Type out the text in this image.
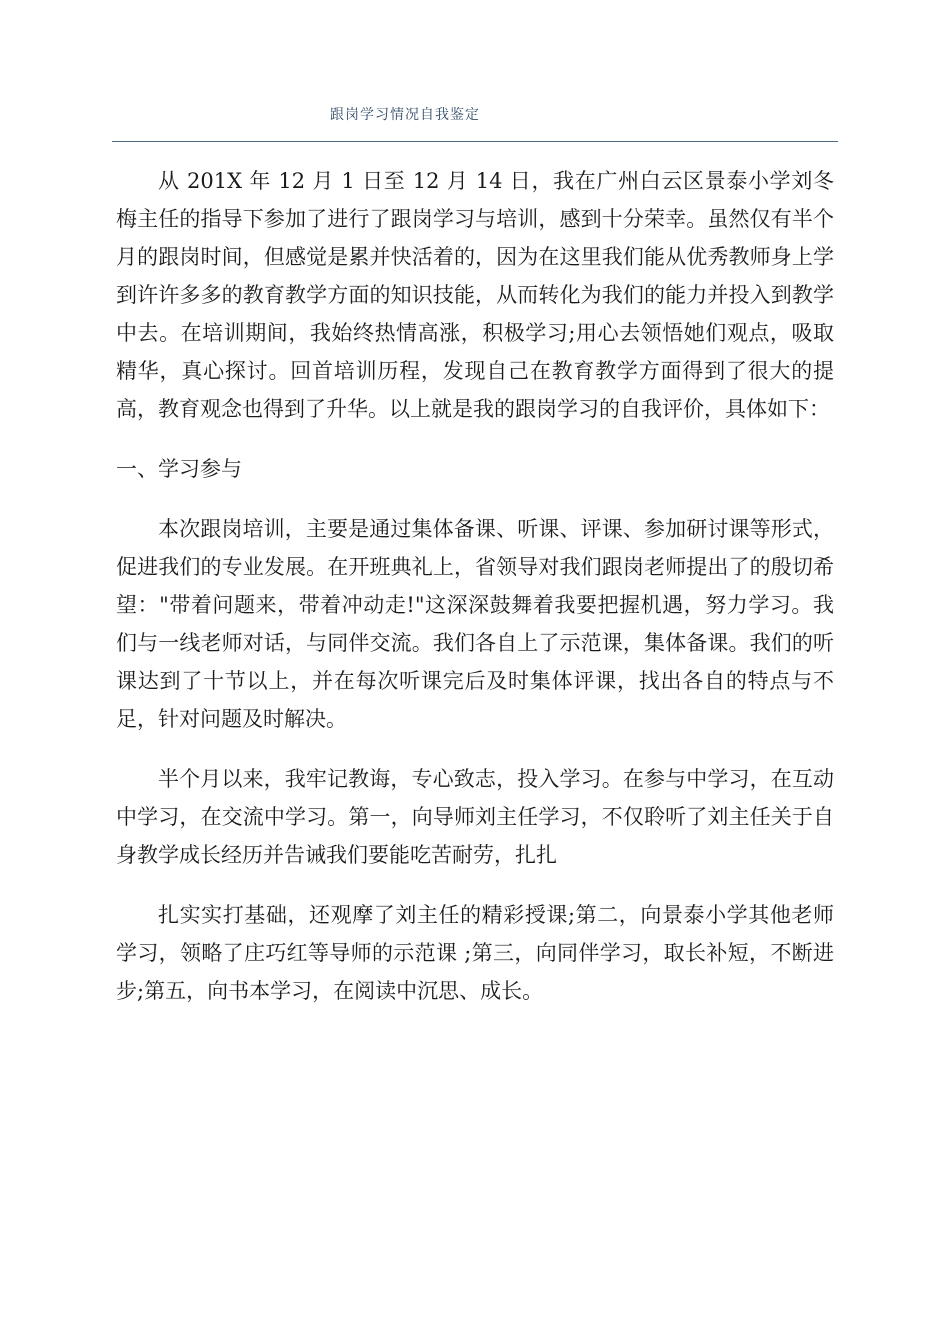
跟岗学习情况自我鉴定

从 201X 年 12 月 1 日至 12 月 14 日，我在广州白云区景泰小学刘冬梅主任的指导下参加了进行了跟岗学习与培训，感到十分荣幸。虽然仅有半个月的跟岗时间，但感觉是累并快活着的，因为在这里我们能从优秀教师身上学到许许多多的教育教学方面的知识技能，从而转化为我们的能力并投入到教学中去。在培训期间，我始终热情高涨，积极学习;用心去领悟她们观点，吸取精华，真心探讨。回首培训历程，发现自己在教育教学方面得到了很大的提高，教育观念也得到了升华。以上就是我的跟岗学习的自我评价，具体如下：

一、学习参与

本次跟岗培训，主要是通过集体备课、听课、评课、参加研讨课等形式，促进我们的专业发展。在开班典礼上，省领导对我们跟岗老师提出了的殷切希望："带着问题来，带着冲动走!"这深深鼓舞着我要把握机遇，努力学习。我们与一线老师对话，与同伴交流。我们各自上了示范课，集体备课。我们的听课达到了十节以上，并在每次听课完后及时集体评课，找出各自的特点与不足，针对问题及时解决。

半个月以来，我牢记教诲，专心致志，投入学习。在参与中学习，在互动中学习，在交流中学习。第一，向导师刘主任学习，不仅聆听了刘主任关于自身教学成长经历并告诫我们要能吃苦耐劳，扎扎

扎实实打基础，还观摩了刘主任的精彩授课;第二，向景泰小学其他老师学习，领略了庄巧红等导师的示范课 ;第三，向同伴学习，取长补短，不断进步;第五，向书本学习，在阅读中沉思、成长。
